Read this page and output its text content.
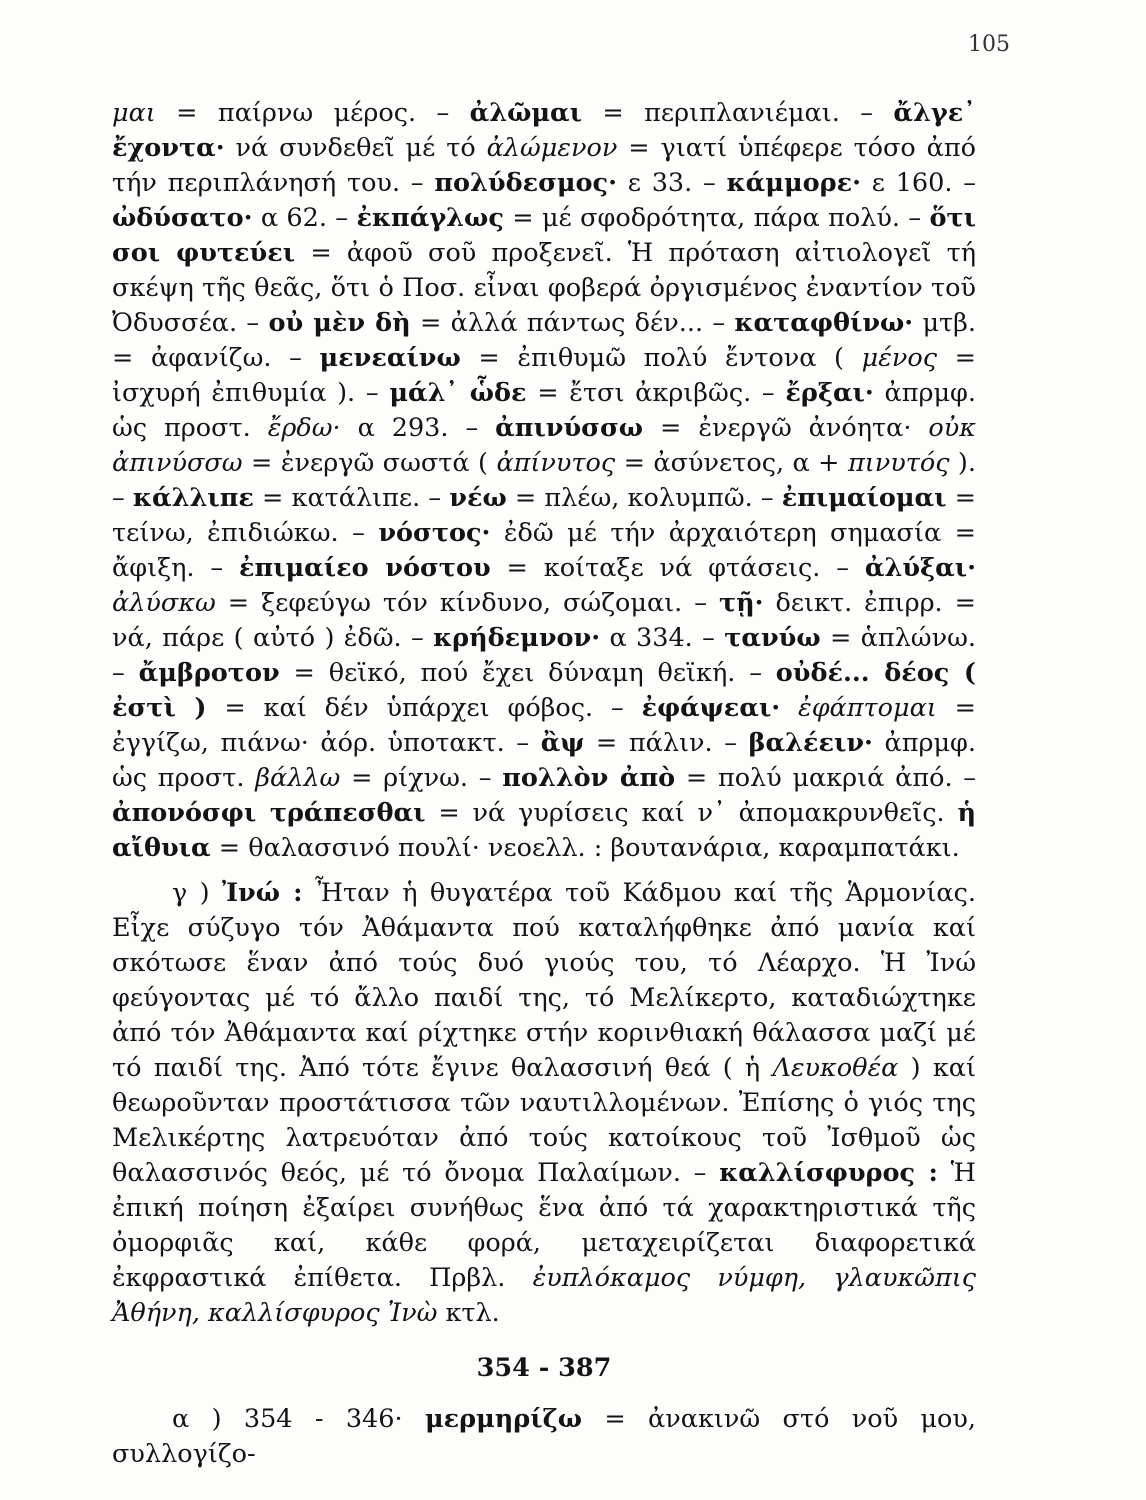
105

μαι = παίρνω μέρος. – ἀλῶμαι = περιπλανιέμαι. – ἄλγε᾽ ἔχοντα· νά συνδεθεῖ μέ τό ἀλώμενον = γιατί ὑπέφερε τόσο ἀπό τήν περιπλάνησή του. – πολύδεσμος· ε 33. – κάμμορε· ε 160. – ὠδύσατο· α 62. – ἐκπάγλως = μέ σφοδρότητα, πάρα πολύ. – ὅτι σοι φυτεύει = ἀφοῦ σοῦ προξενεῖ. Ἡ πρόταση αἰτιολογεῖ τή σκέψη τῆς θεᾶς, ὅτι ὁ Ποσ. εἶναι φοβερά ὀργισμένος ἐναντίον τοῦ Ὀδυσσέα. – οὐ μὲν δὴ = ἀλλά πάντως δέν... – καταφθίνω· μτβ. = ἀφανίζω. – μενεαίνω = ἐπιθυμῶ πολύ ἔντονα ( μένος = ἰσχυρή ἐπιθυμία ). – μάλ᾽ ὧδε = ἔτσι ἀκριβῶς. – ἔρξαι· ἀπρμφ. ὡς προστ. ἔρδω· α 293. – ἀπινύσσω = ἐνεργῶ ἀνόητα· οὐκ ἀπινύσσω = ἐνεργῶ σωστά ( ἀπίνυτος = ἀσύνετος, α + πινυτός ). – κάλλιπε = κατάλιπε. – νέω = πλέω, κολυμπῶ. – ἐπιμαίομαι = τείνω, ἐπιδιώκω. – νόστος· ἐδῶ μέ τήν ἀρχαιότερη σημασία = ἄφιξη. – ἐπιμαίεο νόστου = κοίταξε νά φτάσεις. – ἀλύξαι· ἀλύσκω = ξεφεύγω τόν κίνδυνο, σώζομαι. – τῇ· δεικτ. ἐπιρρ. = νά, πάρε ( αὐτό ) ἐδῶ. – κρήδεμνον· α 334. – τανύω = ἁπλώνω. – ἄμβροτον = θεϊκό, πού ἔχει δύναμη θεϊκή. – οὐδέ... δέος ( ἐστὶ ) = καί δέν ὑπάρχει φόβος. – ἐφάψεαι· ἐφάπτομαι = ἐγγίζω, πιάνω· ἀόρ. ὑποτακτ. – ἂψ = πάλιν. – βαλέειν· ἀπρμφ. ὡς προστ. βάλλω = ρίχνω. – πολλὸν ἀπὸ = πολύ μακριά ἀπό. – ἀπονόσφι τράπεσθαι = νά γυρίσεις καί ν᾽ ἀπομακρυνθεῖς. ἡ αἴθυια = θαλασσινό πουλί· νεοελλ. : βουτανάρια, καραμπατάκι.

γ ) Ἰνώ : Ἦταν ἡ θυγατέρα τοῦ Κάδμου καί τῆς Ἁρμονίας. Εἶχε σύζυγο τόν Ἀθάμαντα πού καταλήφθηκε ἀπό μανία καί σκότωσε ἕναν ἀπό τούς δυό γιούς του, τό Λέαρχο. Ἡ Ἰνώ φεύγοντας μέ τό ἄλλο παιδί της, τό Μελίκερτο, καταδιώχτηκε ἀπό τόν Ἀθάμαντα καί ρίχτηκε στήν κορινθιακή θάλασσα μαζί μέ τό παιδί της. Ἀπό τότε ἔγινε θαλασσινή θεά ( ἡ Λευκοθέα ) καί θεωροῦνταν προστάτισσα τῶν ναυτιλλομένων. Ἐπίσης ὁ γιός της Μελικέρτης λατρευόταν ἀπό τούς κατοίκους τοῦ Ἰσθμοῦ ὡς θαλασσινός θεός, μέ τό ὄνομα Παλαίμων. – καλλίσφυρος : Ἡ ἐπική ποίηση ἐξαίρει συνήθως ἕνα ἀπό τά χαρακτηριστικά τῆς ὀμορφιᾶς καί, κάθε φορά, μεταχειρίζεται διαφορετικά ἐκφραστικά ἐπίθετα. Πρβλ. ἐυπλόκαμος νύμφη, γλαυκῶπις Ἀθήνη, καλλίσφυρος Ἰνὼ κτλ.

354 - 387

α ) 354 - 346· μερμηρίζω = ἀνακινῶ στό νοῦ μου, συλλογίζο-
